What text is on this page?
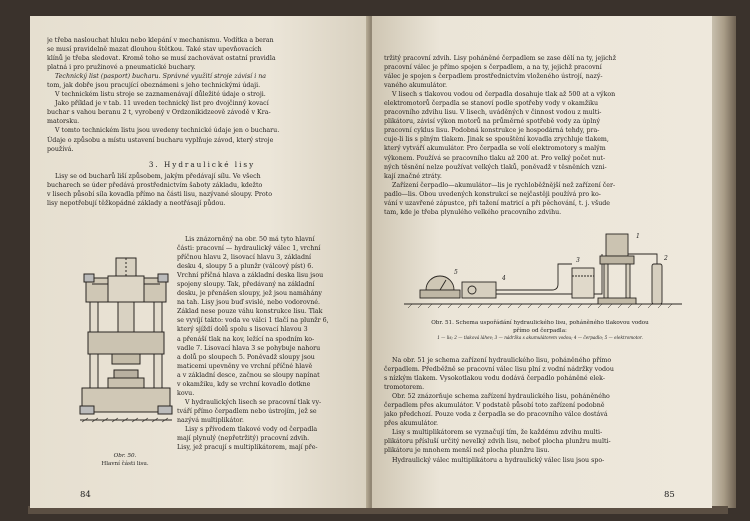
je třeba naslouchat hluku nebo klepání v mechanismu. Vodítka a beran
se musí pravidelně mazat dlouhou štětkou. Také stav upevňovacích
klínů je třeba sledovat. Kromě toho se musí zachovávat ostatní pravidla
platná i pro pružinové a pneumatické buchary.
Technický list (pasport) bucharu. Správné využití stroje závisí i na
tom, jak dobře jsou pracující obeznámeni s jeho technickými údaji.
V technickém listu stroje se zaznamenávají důležité údaje o stroji.
Jako příklad je v tab. 11 uveden technický list pro dvojčinný kovací
buchar s vahou beranu 2 t, vyrobený v Ordzonikidzeově závodě v Kra-
matorsku.
V tomto technickém listu jsou uvedeny technické údaje jen o bucharu.
Údaje o způsobu a místu ustavení bucharu vyplňuje závod, který stroje
používá.
3. Hydraulické lisy
Lisy se od bucharů liší způsobem, jakým předávají sílu. Ve všech
bucharech se úder předává prostřednictvím šaboty základu, kdežto
v lisech působí síla kovadla přímo na části lisu, nazývané sloupy. Proto
lisy nepotřebují těžkopádné základy a neotřásají půdou.
Lis znázorněný na obr. 50 má tyto hlavní
části: pracovní — hydraulický válec 1, vrchní
příčnou hlavu 2, lisovací hlavu 3, základní
desku 4, sloupy 5 a plunžr (válcový píst) 6.
Vrchní příčná hlava a základní deska lisu jsou
spojeny sloupy. Tak, předávaný na základní
desku, je přenášen sloupy, jež jsou namáhány
na tah. Lisy jsou buď svislé, nebo vodorovné.
Základ nese pouze váhu konstrukce lisu. Tlak
se vyvíjí takto: voda ve válci 1 tlačí na plunžr 6,
který sjíždí dolů spolu s lisovací hlavou 3
a přenáší tlak na kov, ležící na spodním ko-
vadle 7. Lisovací hlava 3 se pohybuje nahoru
a dolů po sloupech 5. Poněvadž sloupy jsou
maticemi upevněny ve vrchní příčné hlavě
a v základní desce, začnou se sloupy napínat
v okamžiku, kdy se vrchní kovadlo dotkne
kovu.
V hydraulických lisech se pracovní tlak vy-
tváří přímo čerpadlem nebo ústrojím, jež se
nazývá multiplikátor.
Lisy s přívodem tlakové vody od čerpadla
mají plynulý (nepřetržitý) pracovní zdvih.
Lisy, jež pracují s multiplikátorem, mají pře-
Obr. 50.
Hlavní části lisu.
84
tržitý pracovní zdvih. Lisy poháněné čerpadlem se zase dělí na ty, jejichž
pracovní válec je přímo spojen s čerpadlem, a na ty, jejichž pracovní
válec je spojen s čerpadlem prostřednictvím vloženého ústrojí, nazý-
vaného akumulátor.
V lisech s tlakovou vodou od čerpadla dosahuje tlak až 500 at a výkon
elektromotorů čerpadla se stanoví podle spotřeby vody v okamžiku
pracovního zdvihu lisu. V lisech, uváděných v činnost vodou z multi-
plikátoru, závisí výkon motorů na průměrné spotřebě vody za úplný
pracovní cyklus lisu. Podobná konstrukce je hospodárná tehdy, pra-
cuje-li lis s plným tlakem. Jinak se spouštění kovadla zrychluje tlakem,
který vytváří akumulátor. Pro čerpadla se volí elektromotory s malým
výkonem. Používá se pracovního tlaku až 200 at. Pro velký počet nut-
ných těsnění nelze používat velkých tlaků, poněvadž v těsněních vzni-
kají značné ztráty.
Zařízení čerpadlo—akumulátor—lis je rychloběžnější než zařízení čer-
padlo—lis. Obou uvedených konstrukcí se nejčastěji používá pro ko-
vání v uzavřené zápustce, při tažení matricí a při pěchování, t. j. všude
tam, kde je třeba plynulého velkého pracovního zdvihu.
1
2
3
4
5
Obr. 51. Schema uspořádání hydraulického lisu, poháněného tlakovou vodou
přímo od čerpadla:
1 — lis; 2 — tlaková láhev; 3 — nádržka s akumulátorem vodou; 4 — čerpadlo; 5 — elektromotor.
Na obr. 51 je schema zařízení hydraulického lisu, poháněného přímo
čerpadlem. Předběžně se pracovní válec lisu plní z vodní nádržky vodou
s nízkým tlakem. Vysokotlakou vodu dodává čerpadlo poháněné elek-
tromotorem.
Obr. 52 znázorňuje schema zařízení hydraulického lisu, poháněného
čerpadlem přes akumulátor. V podstatě působí toto zařízení podobně
jako předchozí. Pouze voda z čerpadla se do pracovního válce dostává
přes akumulátor.
Lisy s multiplikátorem se vyznačují tím, že každému zdvihu multi-
plikátoru přísluší určitý nevelký zdvih lisu, neboť plocha plunžru multi-
plikátoru je mnohem menší než plocha plunžru lisu.
Hydraulický válec multiplikátoru a hydraulický válec lisu jsou spo-
85
